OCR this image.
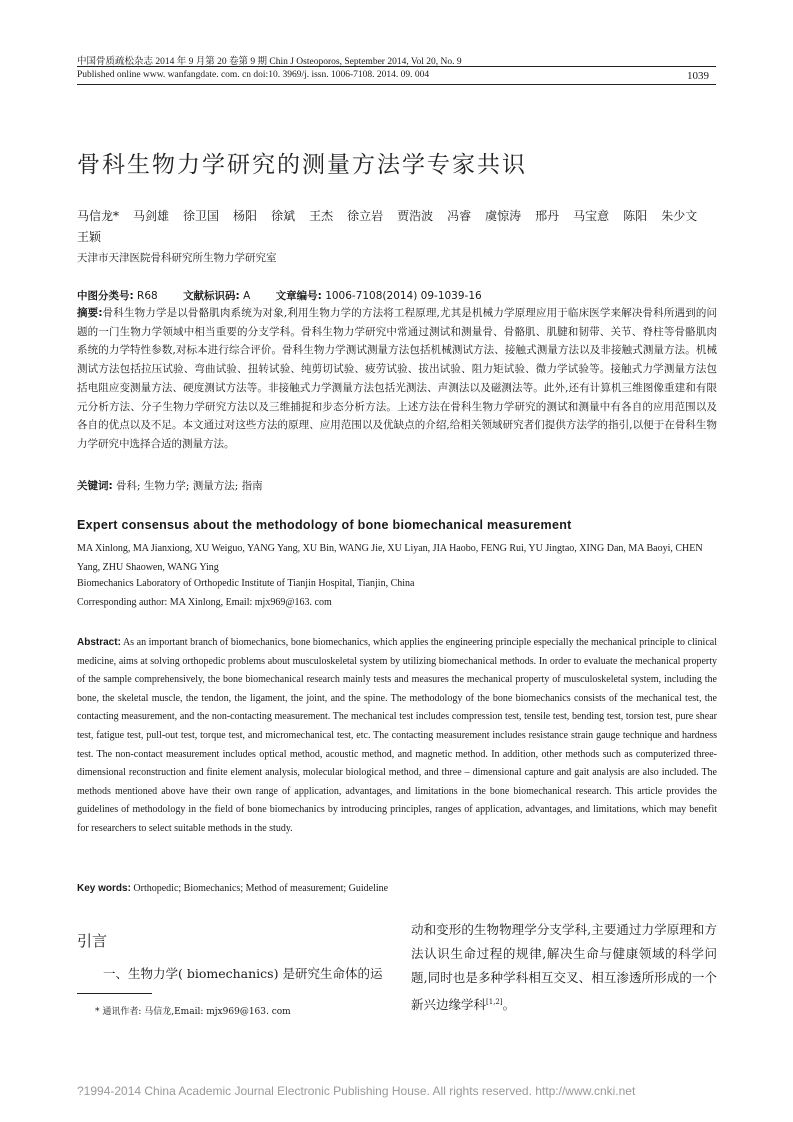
中国骨质疏松杂志 2014 年 9 月第 20 卷第 9 期 Chin J Osteoporos, September 2014, Vol 20, No. 9
Published online www. wanfangdate. com. cn doi:10. 3969/j. issn. 1006-7108. 2014. 09. 004	1039
骨科生物力学研究的测量方法学专家共识
马信龙* 马剑雄 徐卫国 杨阳 徐斌 王杰 徐立岩 贾浩波 冯睿 虞惊涛 邢丹 马宝意 陈阳 朱少文王颖
天津市天津医院骨科研究所生物力学研究室
中图分类号: R68 文献标识码: A 文章编号: 1006-7108(2014) 09-1039-16
摘要:骨科生物力学是以骨骼肌肉系统为对象,利用生物力学的方法将工程原理,尤其是机械力学原理应用于临床医学来解决骨科所遇到的问题的一门生物力学领域中相当重要的分支学科。骨科生物力学研究中常通过测试和测量骨、骨骼肌、肌腱和韧带、关节、脊柱等骨骼肌肉系统的力学特性参数,对标本进行综合评价。骨科生物力学测试测量方法包括机械测试方法、接触式测量方法以及非接触式测量方法。机械测试方法包括拉压试验、弯曲试验、扭转试验、纯剪切试验、疲劳试验、拔出试验、阻力矩试验、微力学试验等。接触式力学测量方法包括电阻应变测量方法、硬度测试方法等。非接触式力学测量方法包括光测法、声测法以及磁测法等。此外,还有计算机三维图像重建和有限元分析方法、分子生物力学研究方法以及三维捕捉和步态分析方法。上述方法在骨科生物力学研究的测试和测量中有各自的应用范围以及各自的优点以及不足。本文通过对这些方法的原理、应用范围以及优缺点的介绍,给相关领域研究者们提供方法学的指引,以便于在骨科生物力学研究中选择合适的测量方法。
关键词: 骨科; 生物力学; 测量方法; 指南
Expert consensus about the methodology of bone biomechanical measurement
MA Xinlong, MA Jianxiong, XU Weiguo, YANG Yang, XU Bin, WANG Jie, XU Liyan, JIA Haobo, FENG Rui, YU Jingtao, XING Dan, MA Baoyi, CHEN Yang, ZHU Shaowen, WANG Ying
Biomechanics Laboratory of Orthopedic Institute of Tianjin Hospital, Tianjin, China
Corresponding author: MA Xinlong, Email: mjx969@163. com
Abstract: As an important branch of biomechanics, bone biomechanics, which applies the engineering principle especially the mechanical principle to clinical medicine, aims at solving orthopedic problems about musculoskeletal system by utilizing biomechanical methods. In order to evaluate the mechanical property of the sample comprehensively, the bone biomechanical research mainly tests and measures the mechanical property of musculoskeletal system, including the bone, the skeletal muscle, the tendon, the ligament, the joint, and the spine. The methodology of the bone biomechanics consists of the mechanical test, the contacting measurement, and the non-contacting measurement. The mechanical test includes compression test, tensile test, bending test, torsion test, pure shear test, fatigue test, pull-out test, torque test, and micromechanical test, etc. The contacting measurement includes resistance strain gauge technique and hardness test. The non-contact measurement includes optical method, acoustic method, and magnetic method. In addition, other methods such as computerized three-dimensional reconstruction and finite element analysis, molecular biological method, and three – dimensional capture and gait analysis are also included. The methods mentioned above have their own range of application, advantages, and limitations in the bone biomechanical research. This article provides the guidelines of methodology in the field of bone biomechanics by introducing principles, ranges of application, advantages, and limitations, which may benefit for researchers to select suitable methods in the study.
Key words: Orthopedic; Biomechanics; Method of measurement; Guideline
引言
一、生物力学( biomechanics) 是研究生命体的运
* 通讯作者: 马信龙,Email: mjx969@163. com
动和变形的生物物理学分支学科,主要通过力学原理和方法认识生命过程的规律,解决生命与健康领域的科学问题,同时也是多种学科相互交叉、相互渗透所形成的一个新兴边缘学科[1,2]。
?1994-2014 China Academic Journal Electronic Publishing House. All rights reserved. http://www.cnki.net
